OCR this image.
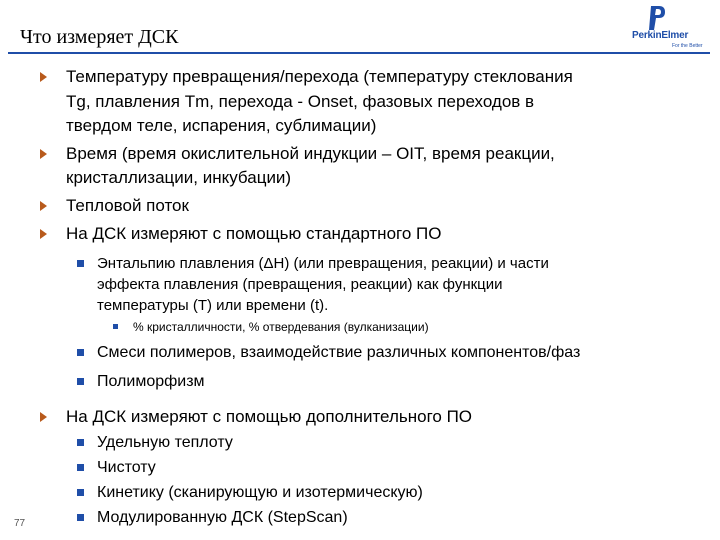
Что измеряет ДСК	PerkinElmer
For the Better
Температуру превращения/перехода (температуру стеклования
Tg, плавления Tm, перехода - Onset, фазовых переходов в
твердом теле, испарения, сублимации)
Время (время окислительной индукции – OIT, время реакции,
кристаллизации, инкубации)
Тепловой поток
На ДСК измеряют с помощью стандартного ПО
Энтальпию плавления (ΔH) (или превращения, реакции) и части
эффекта плавления (превращения, реакции) как функции
температуры (T) или времени (t).
% кристалличности, % отвердевания (вулканизации)
Смеси полимеров, взаимодействие различных компонентов/фаз
Полиморфизм
На ДСК измеряют с помощью дополнительного ПО
Удельную теплоту
Чистоту
Кинетику (сканирующую и изотермическую)
Модулированную ДСК (StepScan)
77
